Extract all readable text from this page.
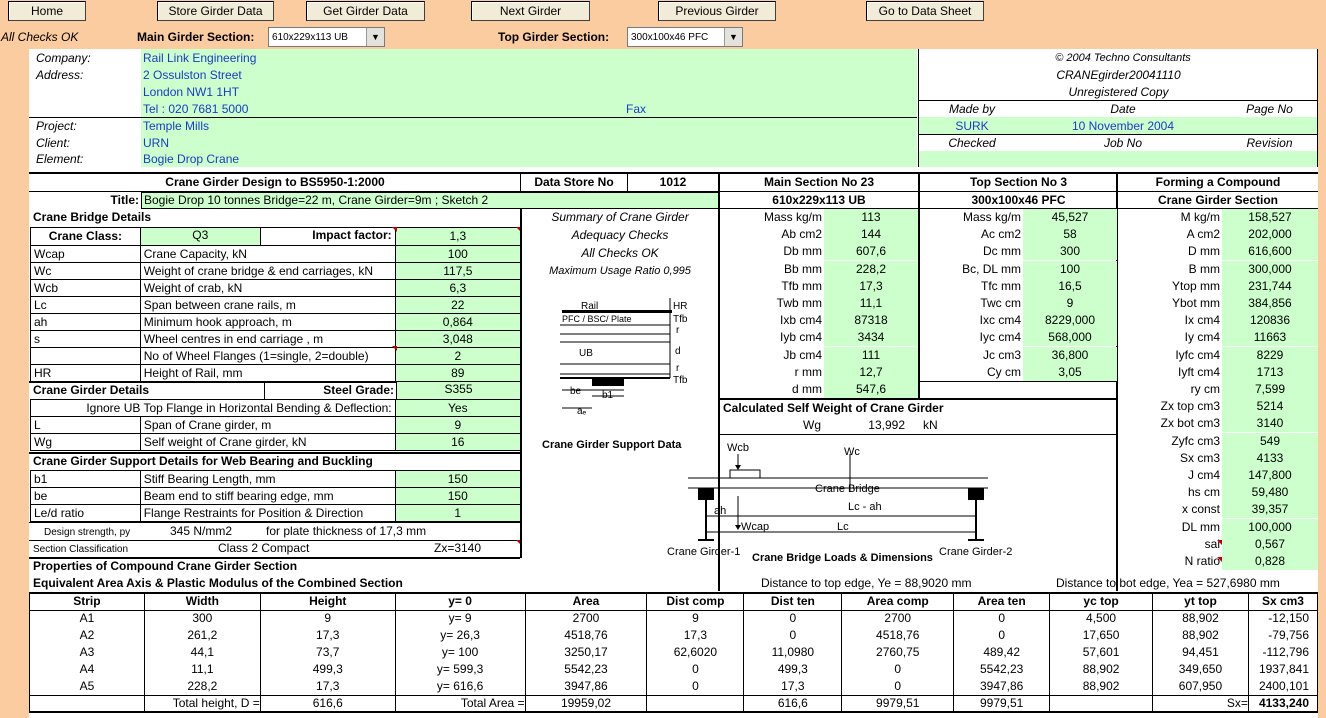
Home	Store Girder Data	Get Girder Data	Next Girder	Previous Girder	Go to Data Sheet
All Checks OK	Main Girder Section: 610x229x113 UB	▼	Top Girder Section: 300x100x46 PFC	▼
Company:	Rail Link Engineering
Address:	2 Ossulston Street
London NW1 1HT
Tel : 020 7681 5000	Fax
Project:	Temple Mills
Client:	URN
Element:	Bogie Drop Crane
© 2004 Techno Consultants
CRANEgirder20041110
Unregistered Copy
Made by	Date	Page No
SURK	10 November 2004
Checked	Job No	Revision
Crane Girder Design to BS5950-1:2000	Data Store No	1012
Title: Bogie Drop 10 tonnes Bridge=22 m, Crane Girder=9m ; Sketch 2
Crane Bridge Details
Crane Class:	Q3 Impact factor:	1,3
Wcap	Crane Capacity, kN	100
Wc	Weight of crane bridge & end carriages, kN	117,5
Wcb	Weight of crab, kN	6,3
Lc	Span between crane rails, m	22
ah	Minimum hook approach, m	0,864
s	Wheel centres in end carriage , m	3,048
	No of Wheel Flanges (1=single, 2=double)	2
HR	Height of Rail, mm	89
Crane Girder Details	Steel Grade:	S355
Ignore UB Top Flange in Horizontal Bending & Deflection:		Yes
L	Span of Crane girder, m	9
Wg	Self weight of Crane girder, kN	16
Crane Girder Support Details for Web Bearing and Buckling
b1	Stiff Bearing Length, mm	150
be	Beam end to stiff bearing edge, mm	150
Le/d ratio	Flange Restraints for Position & Direction	1
Design strength, py	345 N/mm2	for plate thickness of 17,3 mm
Section Classification	Class 2 Compact	Zx=3140
Summary of Crane Girder
Adequacy Checks
All Checks OK
Maximum Usage Ratio 0,995
Rail	HR
Tfb
PFC / BSC/ Plate
r
UB	d
r
Tfb
be b1
aₑ
Crane Girder Support Data	Wcb	Wc
Crane Bridge
Lc - ah
ah
Wcap	Lc
Crane Girder-1	Crane Girder-2
Crane Bridge Loads & Dimensions
Main Section No 23
610x229x113 UB
Mass kg/m	113
Ab cm2	144
Db mm	607,6
Bb mm	228,2
Tfb mm	17,3
Twb mm	11,1
Ixb cm4	87318
Iyb cm4	3434
Jb cm4	111
r mm	12,7
d mm	547,6
Top Section No 3
300x100x46 PFC
Mass kg/m	45,527
Ac cm2	58
Dc mm	300
Bc, DL mm	100
Tfc mm	16,5
Twc cm	9
Ixc cm4	8229,000
Iyc cm4	568,000
Jc cm3	36,800
Cy cm	3,05
Calculated Self Weight of Crane Girder
Wg	13,992 kN
Forming a Compound
Crane Girder Section
M kg/m	158,527
A cm2	202,000
D mm	616,600
B mm	300,000
Ytop mm	231,744
Ybot mm	384,856
Ix cm4	120836
Iy cm4	11663
Iyfc cm4	8229
Iyft cm4	1713
ry cm	7,599
Zx top cm3	5214
Zx bot cm3	3140
Zyfc cm3	549
Sx cm3	4133
J cm4	147,800
hs cm	59,480
x const	39,357
DL mm	100,000
sai	0,567
N ratio	0,828
Properties of Compound Crane Girder Section
Equivalent Area Axis & Plastic Modulus of the Combined Section	Distance to top edge, Ye = 88,9020 mm	Distance to bot edge, Yea = 527,6980 mm
Strip	Width	Height	y= 0	Area	Dist comp	Dist ten	Area comp	Area ten	yc top	yt top	Sx cm3
A1	300	9	y= 9	2700	9	0	2700	0	4,500	88,902	-12,150
A2	261,2	17,3	y= 26,3	4518,76	17,3	0	4518,76	0	17,650	88,902	-79,756
A3	44,1	73,7	y= 100	3250,17	62,6020	11,0980	2760,75	489,42	57,601	94,451	-112,796
A4	11,1	499,3	y= 599,3	5542,23	0	499,3	0	5542,23	88,902	349,650	1937,841
A5	228,2	17,3	y= 616,6	3947,86	0	17,3	0	3947,86	88,902	607,950	2400,101
	Total height, D =	616,6	Total Area =	19959,02		616,6	9979,51	9979,51		Sx=	4133,240
